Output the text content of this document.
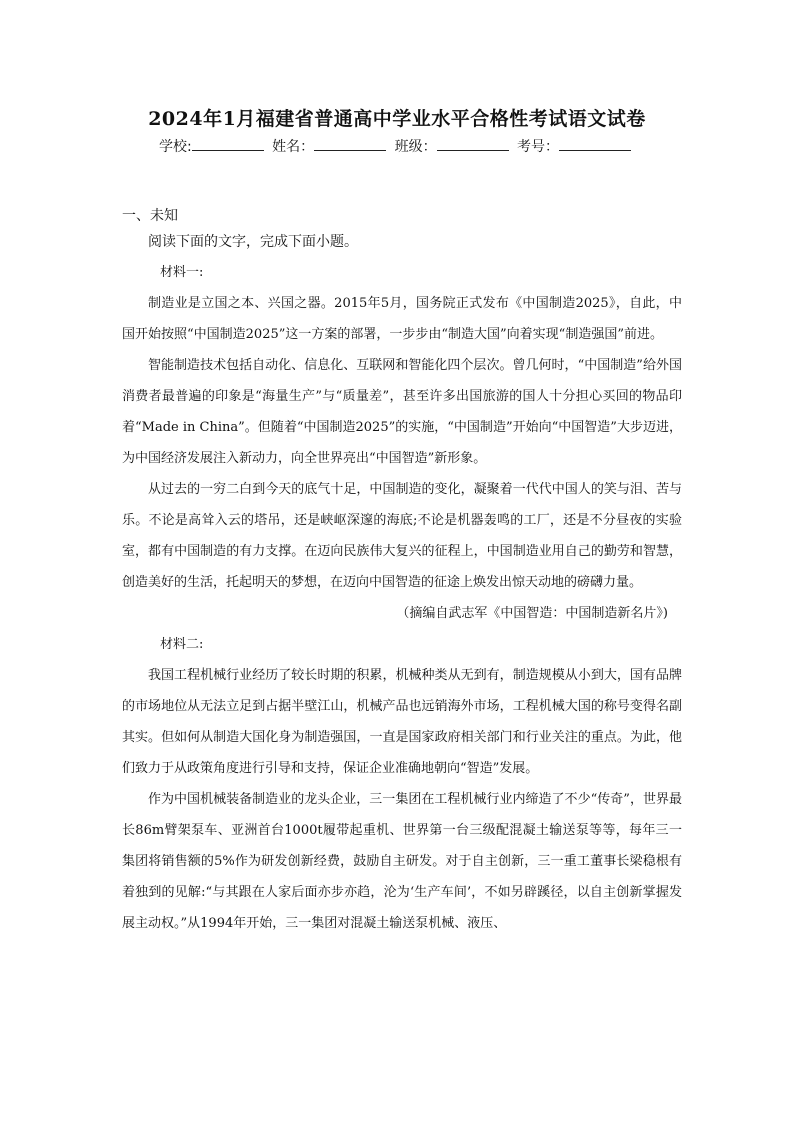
2024年1月福建省普通高中学业水平合格性考试语文试卷
学校:	姓名：	班级：	考号：
一、未知
阅读下面的文字，完成下面小题。

材料一:

制造业是立国之本、兴国之器。2015年5月，国务院正式发布《中国制造2025》，自此，中国开始按照“中国制造2025”这一方案的部署，一步步由“制造大国”向着实现“制造强国”前进。

智能制造技术包括自动化、信息化、互联网和智能化四个层次。曾几何时，“中国制造”给外国消费者最普遍的印象是“海量生产”与“质量差”，甚至许多出国旅游的国人十分担心买回的物品印着“Made in China”。但随着“中国制造2025”的实施，“中国制造”开始向“中国智造”大步迈进，为中国经济发展注入新动力，向全世界亮出“中国智造”新形象。

从过去的一穷二白到今天的底气十足，中国制造的变化，凝聚着一代代中国人的笑与泪、苦与乐。不论是高耸入云的塔吊，还是峡岖深邃的海底;不论是机器轰鸣的工厂，还是不分昼夜的实验室，都有中国制造的有力支撑。在迈向民族伟大复兴的征程上，中国制造业用自己的勤劳和智慧，创造美好的生活，托起明天的梦想，在迈向中国智造的征途上焕发出惊天动地的磅礴力量。

（摘编自武志军《中国智造：中国制造新名片》)

材料二:

我国工程机械行业经历了较长时期的积累，机械种类从无到有，制造规模从小到大，国有品牌的市场地位从无法立足到占据半壁江山，机械产品也远销海外市场，工程机械大国的称号变得名副其实。但如何从制造大国化身为制造强国，一直是国家政府相关部门和行业关注的重点。为此，他们致力于从政策角度进行引导和支持，保证企业准确地朝向“智造”发展。

作为中国机械装备制造业的龙头企业，三一集团在工程机械行业内缔造了不少“传奇”，世界最长86m臂架泵车、亚洲首台1000t履带起重机、世界第一台三级配混凝土输送泵等等，每年三一集团将销售额的5%作为研发创新经费，鼓励自主研发。对于自主创新，三一重工董事长梁稳根有着独到的见解:“与其跟在人家后面亦步亦趋，沦为‘生产车间’，不如另辟蹊径，以自主创新掌握发展主动权。”从1994年开始，三一集团对混凝土输送泵机械、液压、
